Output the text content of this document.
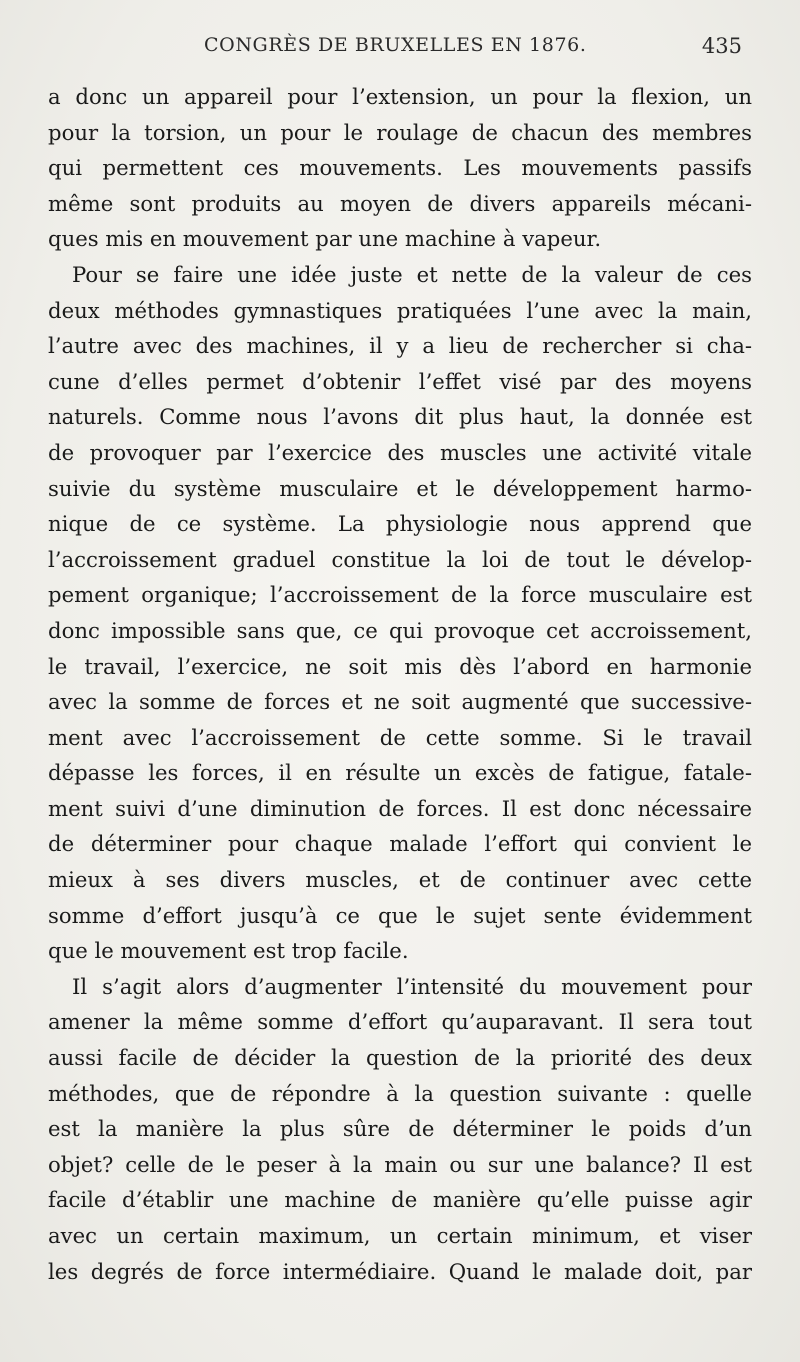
CONGRÈS DE BRUXELLES EN 1876.	435
a donc un appareil pour l’extension, un pour la flexion, un
pour la torsion, un pour le roulage de chacun des membres
qui permettent ces mouvements. Les mouvements passifs
même sont produits au moyen de divers appareils mécani-
ques mis en mouvement par une machine à vapeur.
Pour se faire une idée juste et nette de la valeur de ces
deux méthodes gymnastiques pratiquées l’une avec la main,
l’autre avec des machines, il y a lieu de rechercher si cha-
cune d’elles permet d’obtenir l’effet visé par des moyens
naturels. Comme nous l’avons dit plus haut, la donnée est
de provoquer par l’exercice des muscles une activité vitale
suivie du système musculaire et le développement harmo-
nique de ce système. La physiologie nous apprend que
l’accroissement graduel constitue la loi de tout le dévelop-
pement organique; l’accroissement de la force musculaire est
donc impossible sans que, ce qui provoque cet accroissement,
le travail, l’exercice, ne soit mis dès l’abord en harmonie
avec la somme de forces et ne soit augmenté que successive-
ment avec l’accroissement de cette somme. Si le travail
dépasse les forces, il en résulte un excès de fatigue, fatale-
ment suivi d’une diminution de forces. Il est donc nécessaire
de déterminer pour chaque malade l’effort qui convient le
mieux à ses divers muscles, et de continuer avec cette
somme d’effort jusqu’à ce que le sujet sente évidemment
que le mouvement est trop facile.
Il s’agit alors d’augmenter l’intensité du mouvement pour
amener la même somme d’effort qu’auparavant. Il sera tout
aussi facile de décider la question de la priorité des deux
méthodes, que de répondre à la question suivante : quelle
est la manière la plus sûre de déterminer le poids d’un
objet? celle de le peser à la main ou sur une balance? Il est
facile d’établir une machine de manière qu’elle puisse agir
avec un certain maximum, un certain minimum, et viser
les degrés de force intermédiaire. Quand le malade doit, par
